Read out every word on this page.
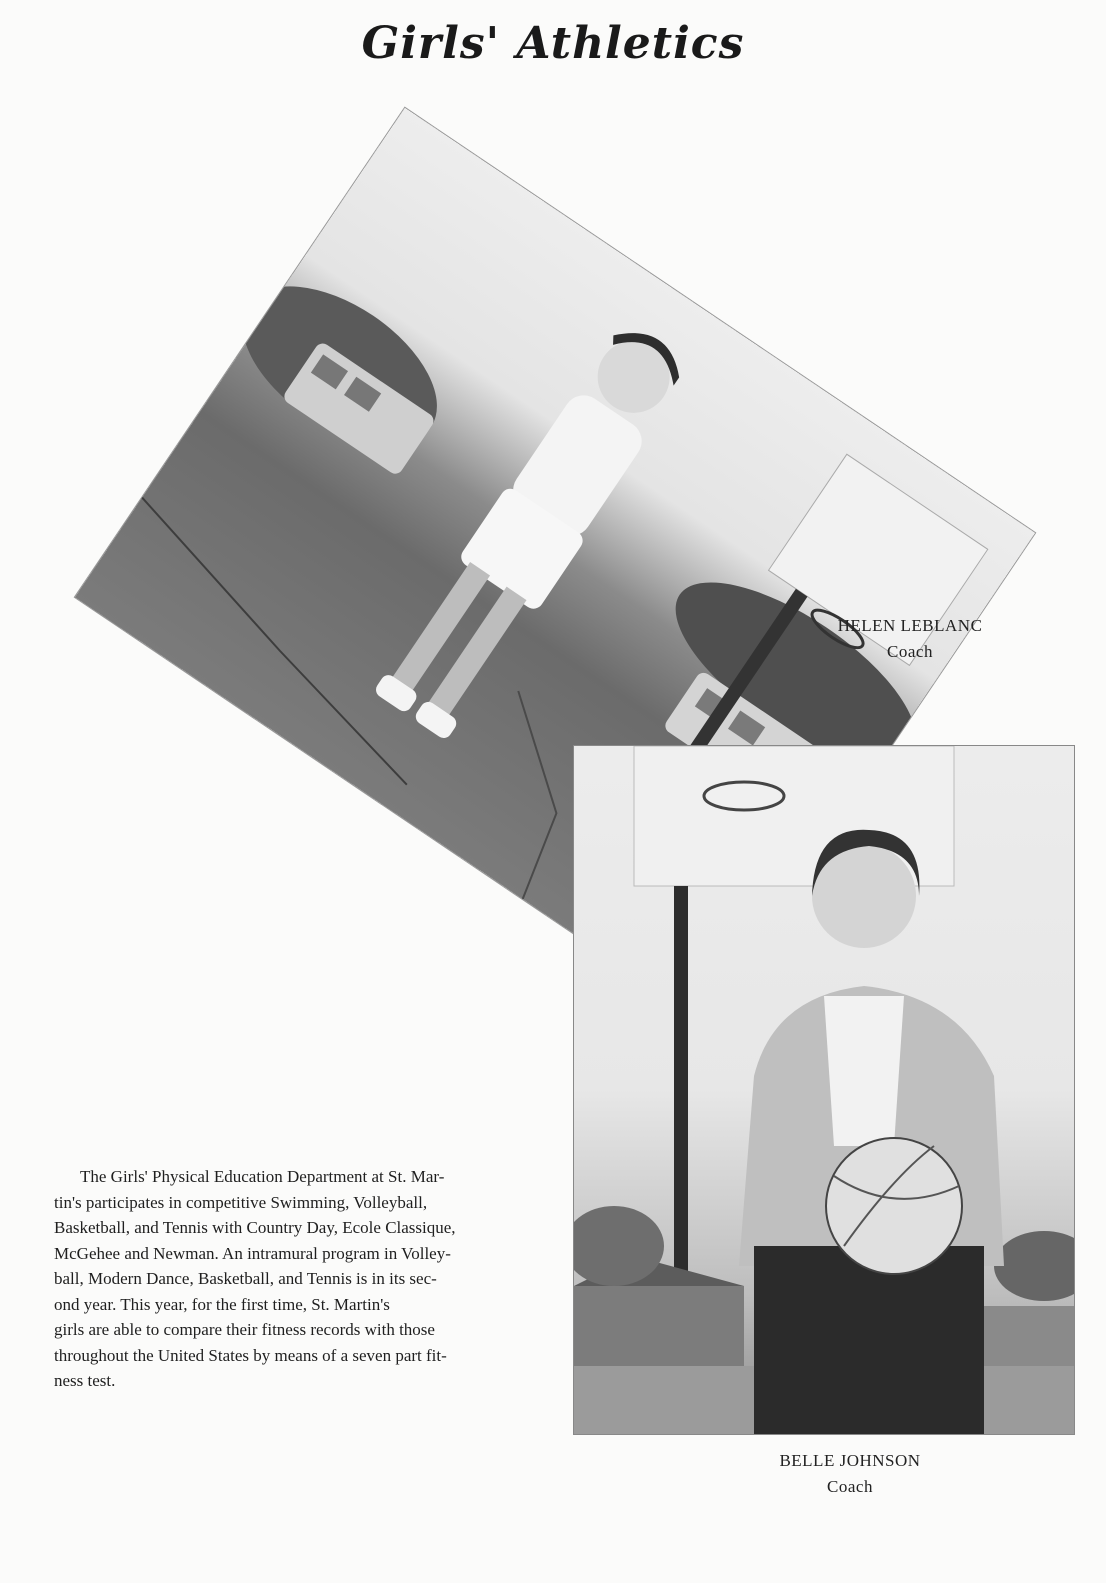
Girls' Athletics
HELEN LEBLANC
Coach
BELLE JOHNSON
Coach
The Girls' Physical Education Department at St. Mar-
tin's participates in competitive Swimming, Volleyball,
Basketball, and Tennis with Country Day, Ecole Classique,
McGehee and Newman. An intramural program in Volley-
ball, Modern Dance, Basketball, and Tennis is in its sec-
ond year. This year, for the first time, St. Martin's
girls are able to compare their fitness records with those
throughout the United States by means of a seven part fit-
ness test.
